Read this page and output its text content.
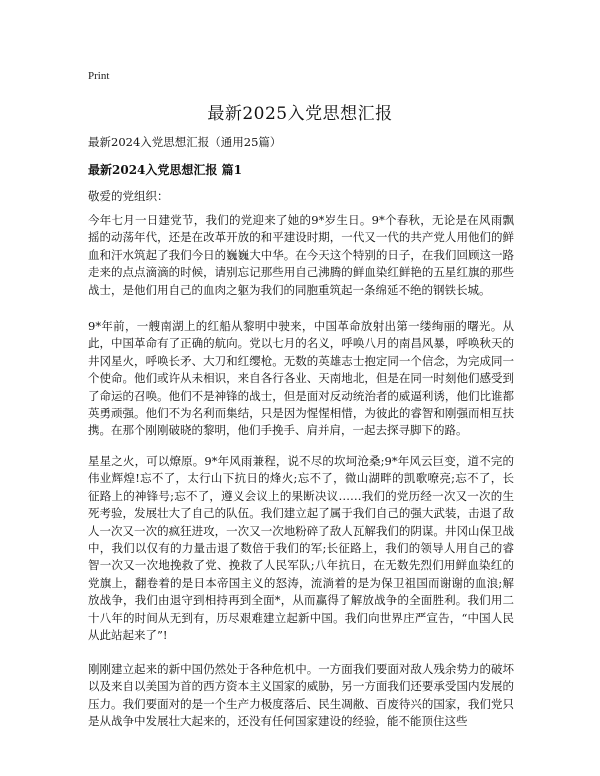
Print
最新2025入党思想汇报
最新2024入党思想汇报（通用25篇）
最新2024入党思想汇报 篇1
敬爱的党组织：

今年七月一日建党节，我们的党迎来了她的9*岁生日。9*个春秋，无论是在风雨飘摇的动荡年代，还是在改革开放的和平建设时期，一代又一代的共产党人用他们的鲜血和汗水筑起了我们今日的巍巍大中华。在今天这个特别的日子，在我们回顾这一路走来的点点滴滴的时候，请别忘记那些用自己沸腾的鲜血染红鲜艳的五星红旗的那些战士，是他们用自己的血肉之躯为我们的同胞重筑起一条绵延不绝的钢铁长城。

9*年前，一艘南湖上的红船从黎明中驶来，中国革命放射出第一缕绚丽的曙光。从此，中国革命有了正确的航向。党以七月的名义，呼唤八月的南昌风暴，呼唤秋天的井冈星火，呼唤长矛、大刀和红缨枪。无数的英雄志士抱定同一个信念，为完成同一个使命。他们或许从未相识，来自各行各业、天南地北，但是在同一时刻他们感受到了命运的召唤。他们不是神锋的战士，但是面对反动统治者的威逼利诱，他们比谁都英勇顽强。他们不为名利而集结，只是因为惺惺相惜，为彼此的睿智和刚强而相互扶携。在那个刚刚破晓的黎明，他们手挽手、肩并肩，一起去探寻脚下的路。

星星之火，可以燎原。9*年风雨兼程，说不尽的坎坷沧桑;9*年风云巨变，道不完的伟业辉煌!忘不了，太行山下抗日的烽火;忘不了，微山湖畔的凯歌嘹亮;忘不了，长征路上的神锋号;忘不了，遵义会议上的果断决议……我们的党历经一次又一次的生死考验，发展壮大了自己的队伍。我们建立起了属于我们自己的强大武装，击退了敌人一次又一次的疯狂进攻，一次又一次地粉碎了敌人瓦解我们的阴谋。井冈山保卫战中，我们以仅有的力量击退了数倍于我们的军;长征路上，我们的领导人用自己的睿智一次又一次地挽救了党、挽救了人民军队;八年抗日，在无数先烈们用鲜血染红的党旗上，翻卷着的是日本帝国主义的怒涛，流淌着的是为保卫祖国而谢谢的血浪;解放战争，我们由退守到相持再到全面*，从而赢得了解放战争的全面胜利。我们用二十八年的时间从无到有，历尽艰难建立起新中国。我们向世界庄严宣告，“中国人民从此站起来了”!

刚刚建立起来的新中国仍然处于各种危机中。一方面我们要面对敌人残余势力的破坏以及来自以美国为首的西方资本主义国家的威胁，另一方面我们还要承受国内发展的压力。我们要面对的是一个生产力极度落后、民生凋敝、百废待兴的国家，我们党只是从战争中发展壮大起来的，还没有任何国家建设的经验，能不能顶住这些
